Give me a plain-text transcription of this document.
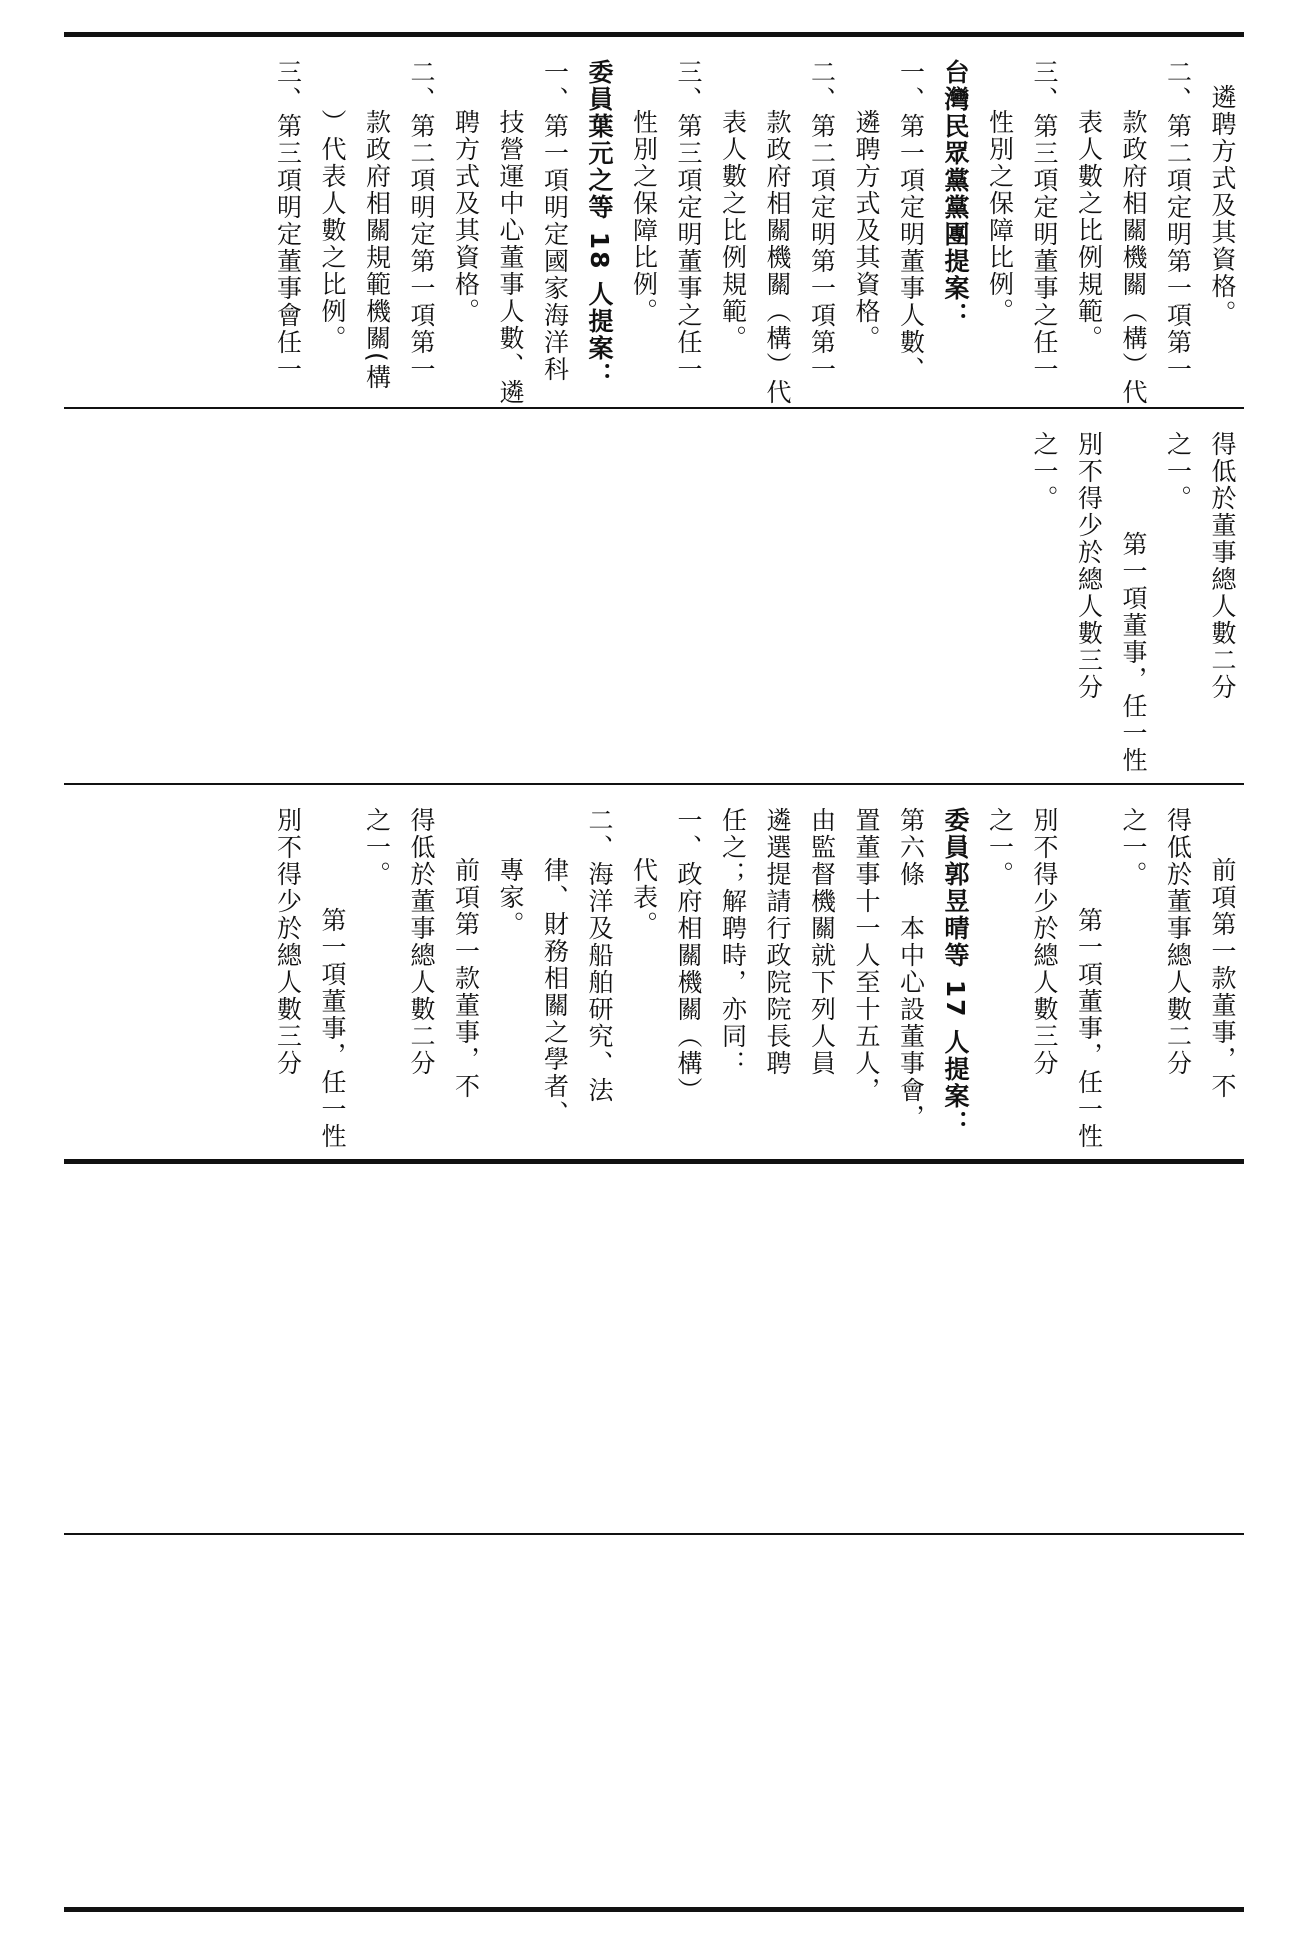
遴聘方式及其資格。

二、第二項定明第一項第一

款政府相關機關（構）代

表人數之比例規範。

三、第三項定明董事之任一

性別之保障比例。

台灣民眾黨黨團提案：

一、第一項定明董事人數、

遴聘方式及其資格。

二、第二項定明第一項第一

款政府相關機關（構）代

表人數之比例規範。

三、第三項定明董事之任一

性別之保障比例。

委員葉元之等 18 人提案：

一、第一項明定國家海洋科

技營運中心董事人數、遴

聘方式及其資格。

二、第二項明定第一項第一

款政府相關規範機關(構

）代表人數之比例。

三、第三項明定董事會任一

得低於董事總人數二分

之一。

第一項董事，任一性

別不得少於總人數三分

之一。

前項第一款董事，不

得低於董事總人數二分

之一。

第一項董事，任一性

別不得少於總人數三分

之一。

委員郭昱晴等 17 人提案：

第六條　本中心設董事會，

置董事十一人至十五人，

由監督機關就下列人員

遴選提請行政院院長聘

任之；解聘時，亦同：

一、政府相關機關（構）

代表。

二、海洋及船舶研究、法

律、財務相關之學者、

專家。

前項第一款董事，不

得低於董事總人數二分

之一。

第一項董事，任一性

別不得少於總人數三分
